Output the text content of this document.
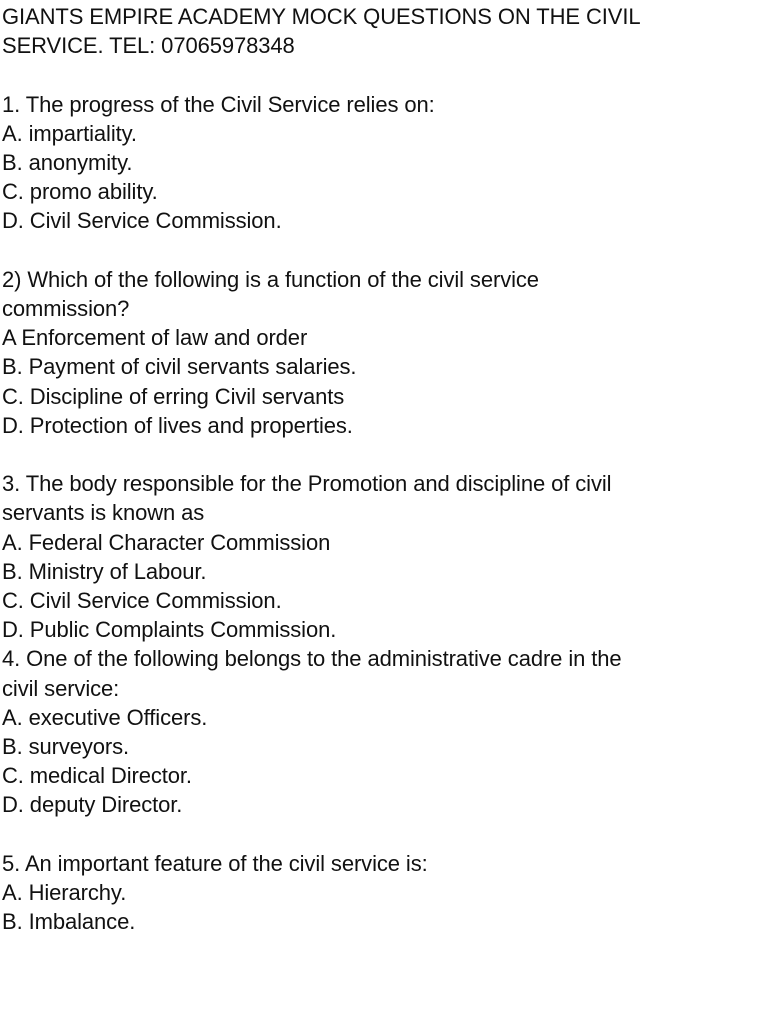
GIANTS EMPIRE ACADEMY MOCK QUESTIONS ON THE CIVIL
SERVICE. TEL: 07065978348
1. The progress of the Civil Service relies on:
A. impartiality.
B. anonymity.
C. promo ability.
D. Civil Service Commission.
2) Which of the following is a function of the civil service
commission?
A Enforcement of law and order
B. Payment of civil servants salaries.
C. Discipline of erring Civil servants
D. Protection of lives and properties.
3. The body responsible for the Promotion and discipline of civil
servants is known as
A. Federal Character Commission
B. Ministry of Labour.
C. Civil Service Commission.
D. Public Complaints Commission.
4. One of the following belongs to the administrative cadre in the
civil service:
A. executive Officers.
B. surveyors.
C. medical Director.
D. deputy Director.
5. An important feature of the civil service is:
A. Hierarchy.
B. Imbalance.
